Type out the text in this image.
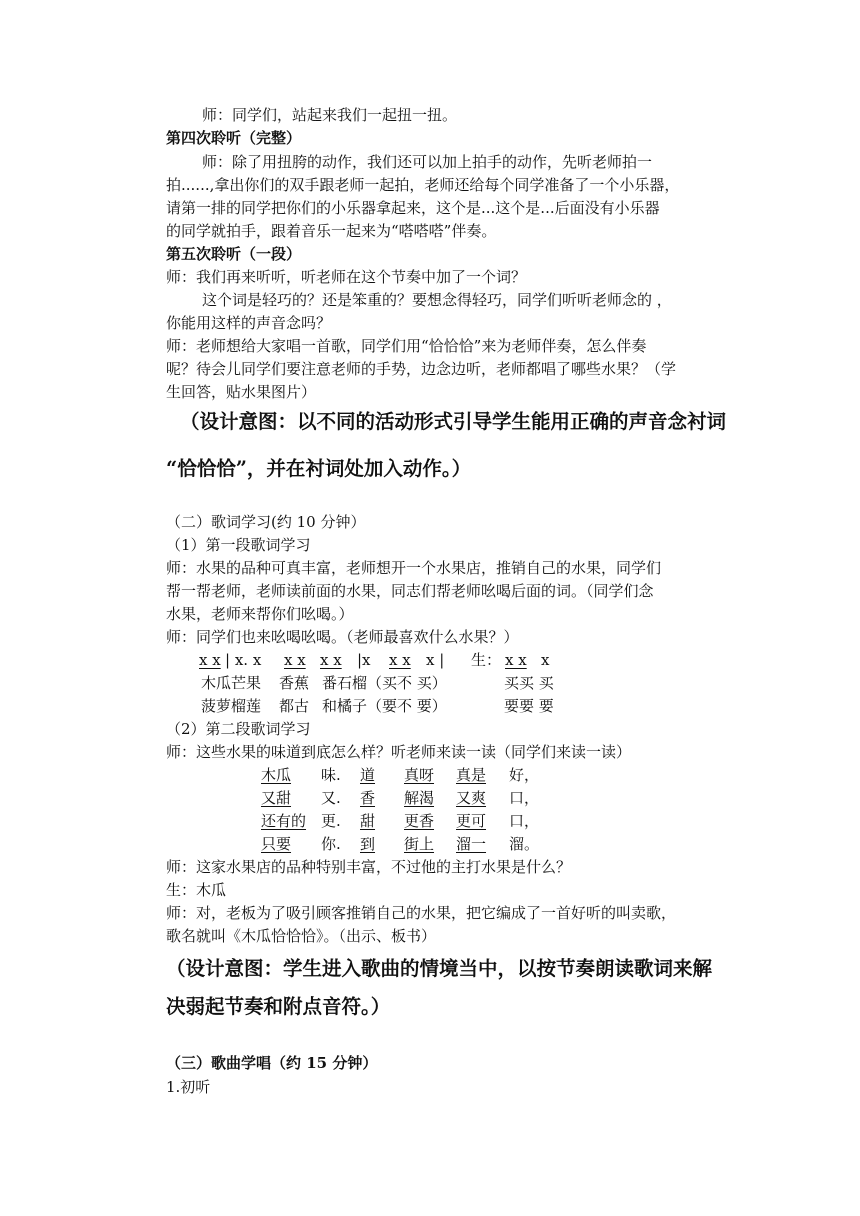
师：同学们，站起来我们一起扭一扭。
第四次聆听（完整）
师：除了用扭胯的动作，我们还可以加上拍手的动作，先听老师拍一
拍......,拿出你们的双手跟老师一起拍，老师还给每个同学准备了一个小乐器，
请第一排的同学把你们的小乐器拿起来，这个是...这个是...后面没有小乐器
的同学就拍手，跟着音乐一起来为“嗒嗒嗒”伴奏。
第五次聆听（一段）
师：我们再来听听，听老师在这个节奏中加了一个词？
这个词是轻巧的？还是笨重的？要想念得轻巧，同学们听听老师念的 ，
你能用这样的声音念吗？
师：老师想给大家唱一首歌，同学们用“恰恰恰”来为老师伴奏，怎么伴奏
呢？待会儿同学们要注意老师的手势，边念边听，老师都唱了哪些水果？（学
生回答，贴水果图片）
（设计意图：以不同的活动形式引导学生能用正确的声音念衬词
“恰恰恰”，并在衬词处加入动作。）
（二）歌词学习(约 10 分钟）
（1）第一段歌词学习
师：水果的品种可真丰富，老师想开一个水果店，推销自己的水果，同学们
帮一帮老师，老师读前面的水果，同志们帮老师吆喝后面的词。（同学们念
水果，老师来帮你们吆喝。）
师：同学们也来吆喝吆喝。（老师最喜欢什么水果？）
x x | x. x x x x x |x x x x | 生： x x x
木瓜芒果 香蕉 番石榴（买不 买）	买买 买
菠萝榴莲 都古 和橘子（要不 要）	要要 要
（2）第二段歌词学习
师：这些水果的味道到底怎么样？听老师来读一读（同学们来读一读）
木瓜 味. 道 真呀 真是 好，
又甜 又. 香 解渴 又爽 口，
还有的 更. 甜 更香 更可 口，
只要 你. 到 街上 溜一 溜。
师：这家水果店的品种特别丰富，不过他的主打水果是什么？
生：木瓜
师：对，老板为了吸引顾客推销自己的水果，把它编成了一首好听的叫卖歌，
歌名就叫《木瓜恰恰恰》。（出示、板书）
（设计意图：学生进入歌曲的情境当中，以按节奏朗读歌词来解
决弱起节奏和附点音符。）
（三）歌曲学唱（约 15 分钟）
1.初听
